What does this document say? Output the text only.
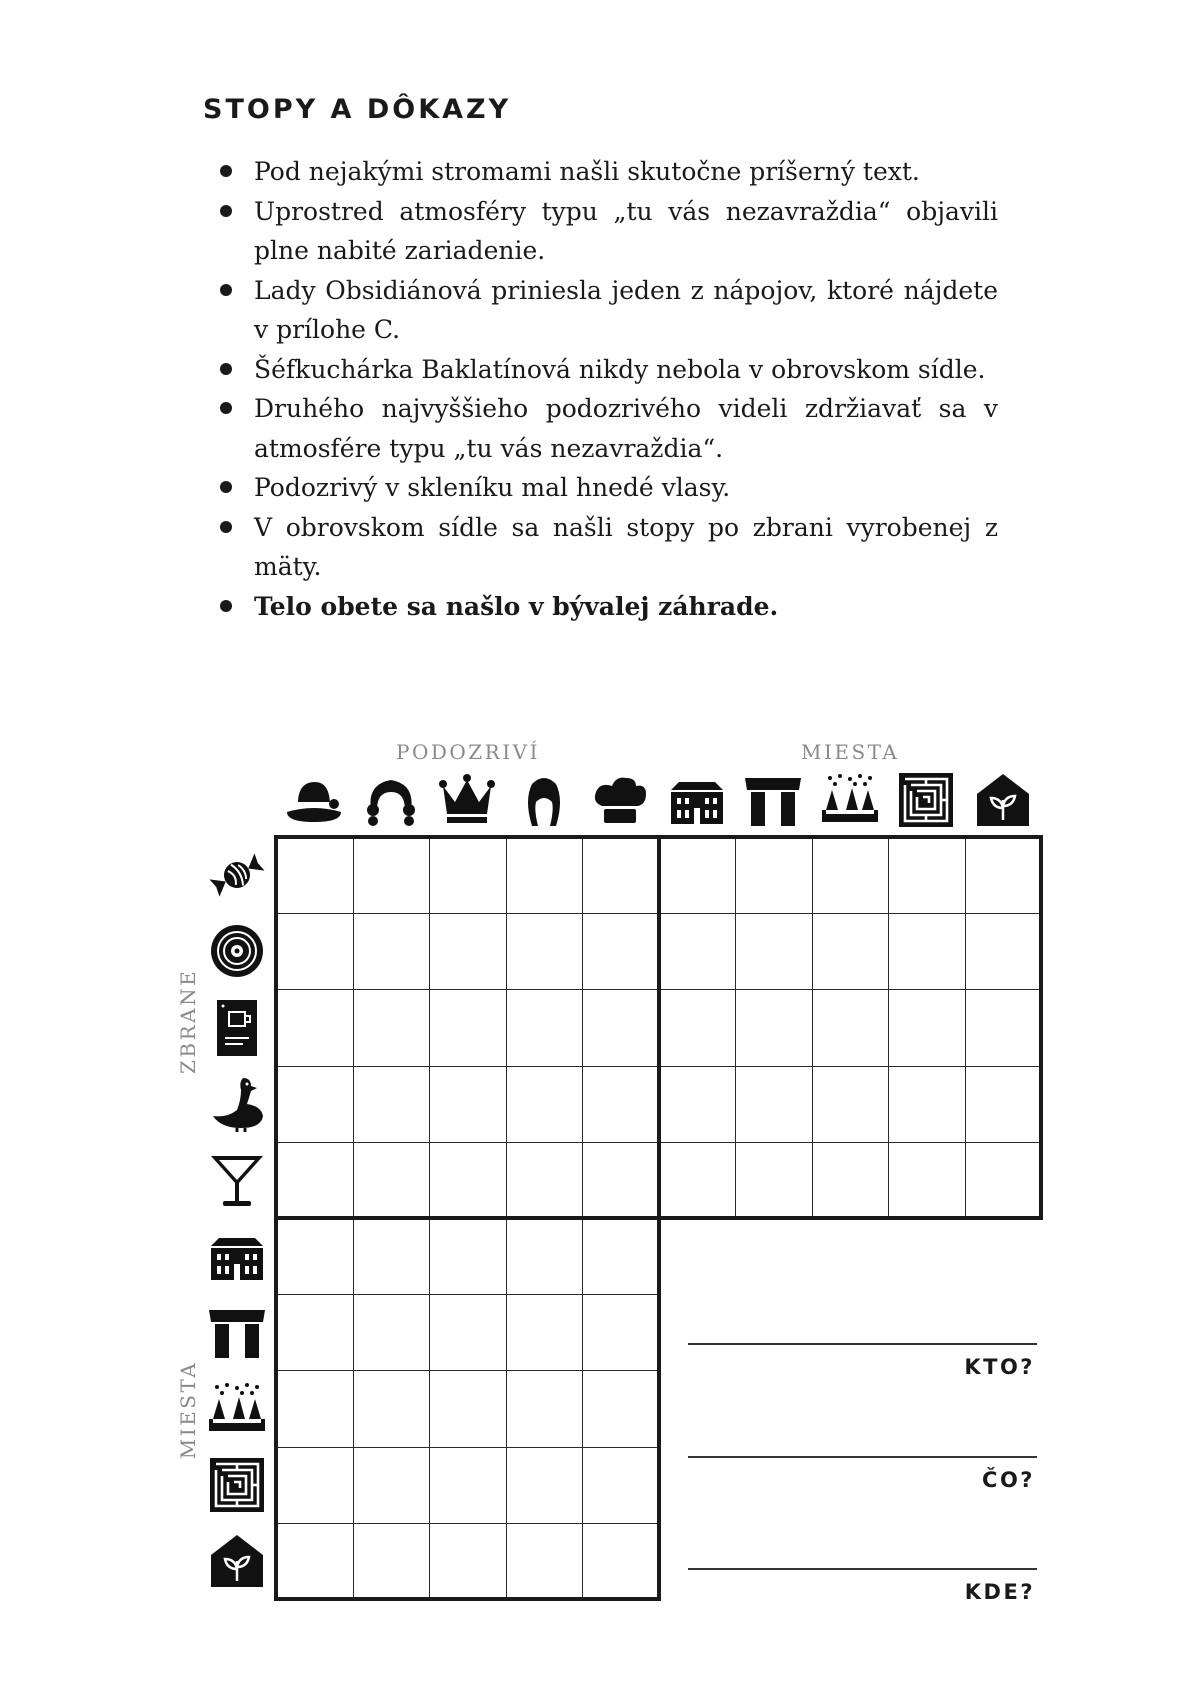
STOPY A DÔKAZY
Pod nejakými stromami našli skutočne príšerný text.
Uprostred atmosféry typu „tu vás nezavraždia“ objavili plne nabité zariadenie.
Lady Obsidiánová priniesla jeden z nápojov, ktoré nájdete v prílohe C.
Šéfkuchárka Baklatínová nikdy nebola v obrovskom sídle.
Druhého najvyššieho podozrivého videli zdržiavať sa v atmosfére typu „tu vás nezavraždia“.
Podozrivý v skleníku mal hnedé vlasy.
V obrovskom sídle sa našli stopy po zbrani vyrobenej z mäty.
Telo obete sa našlo v bývalej záhrade.
PODOZRIVÍ	MIESTA
ZBRANE
MIESTA	KTO?
ČO?
KDE?
